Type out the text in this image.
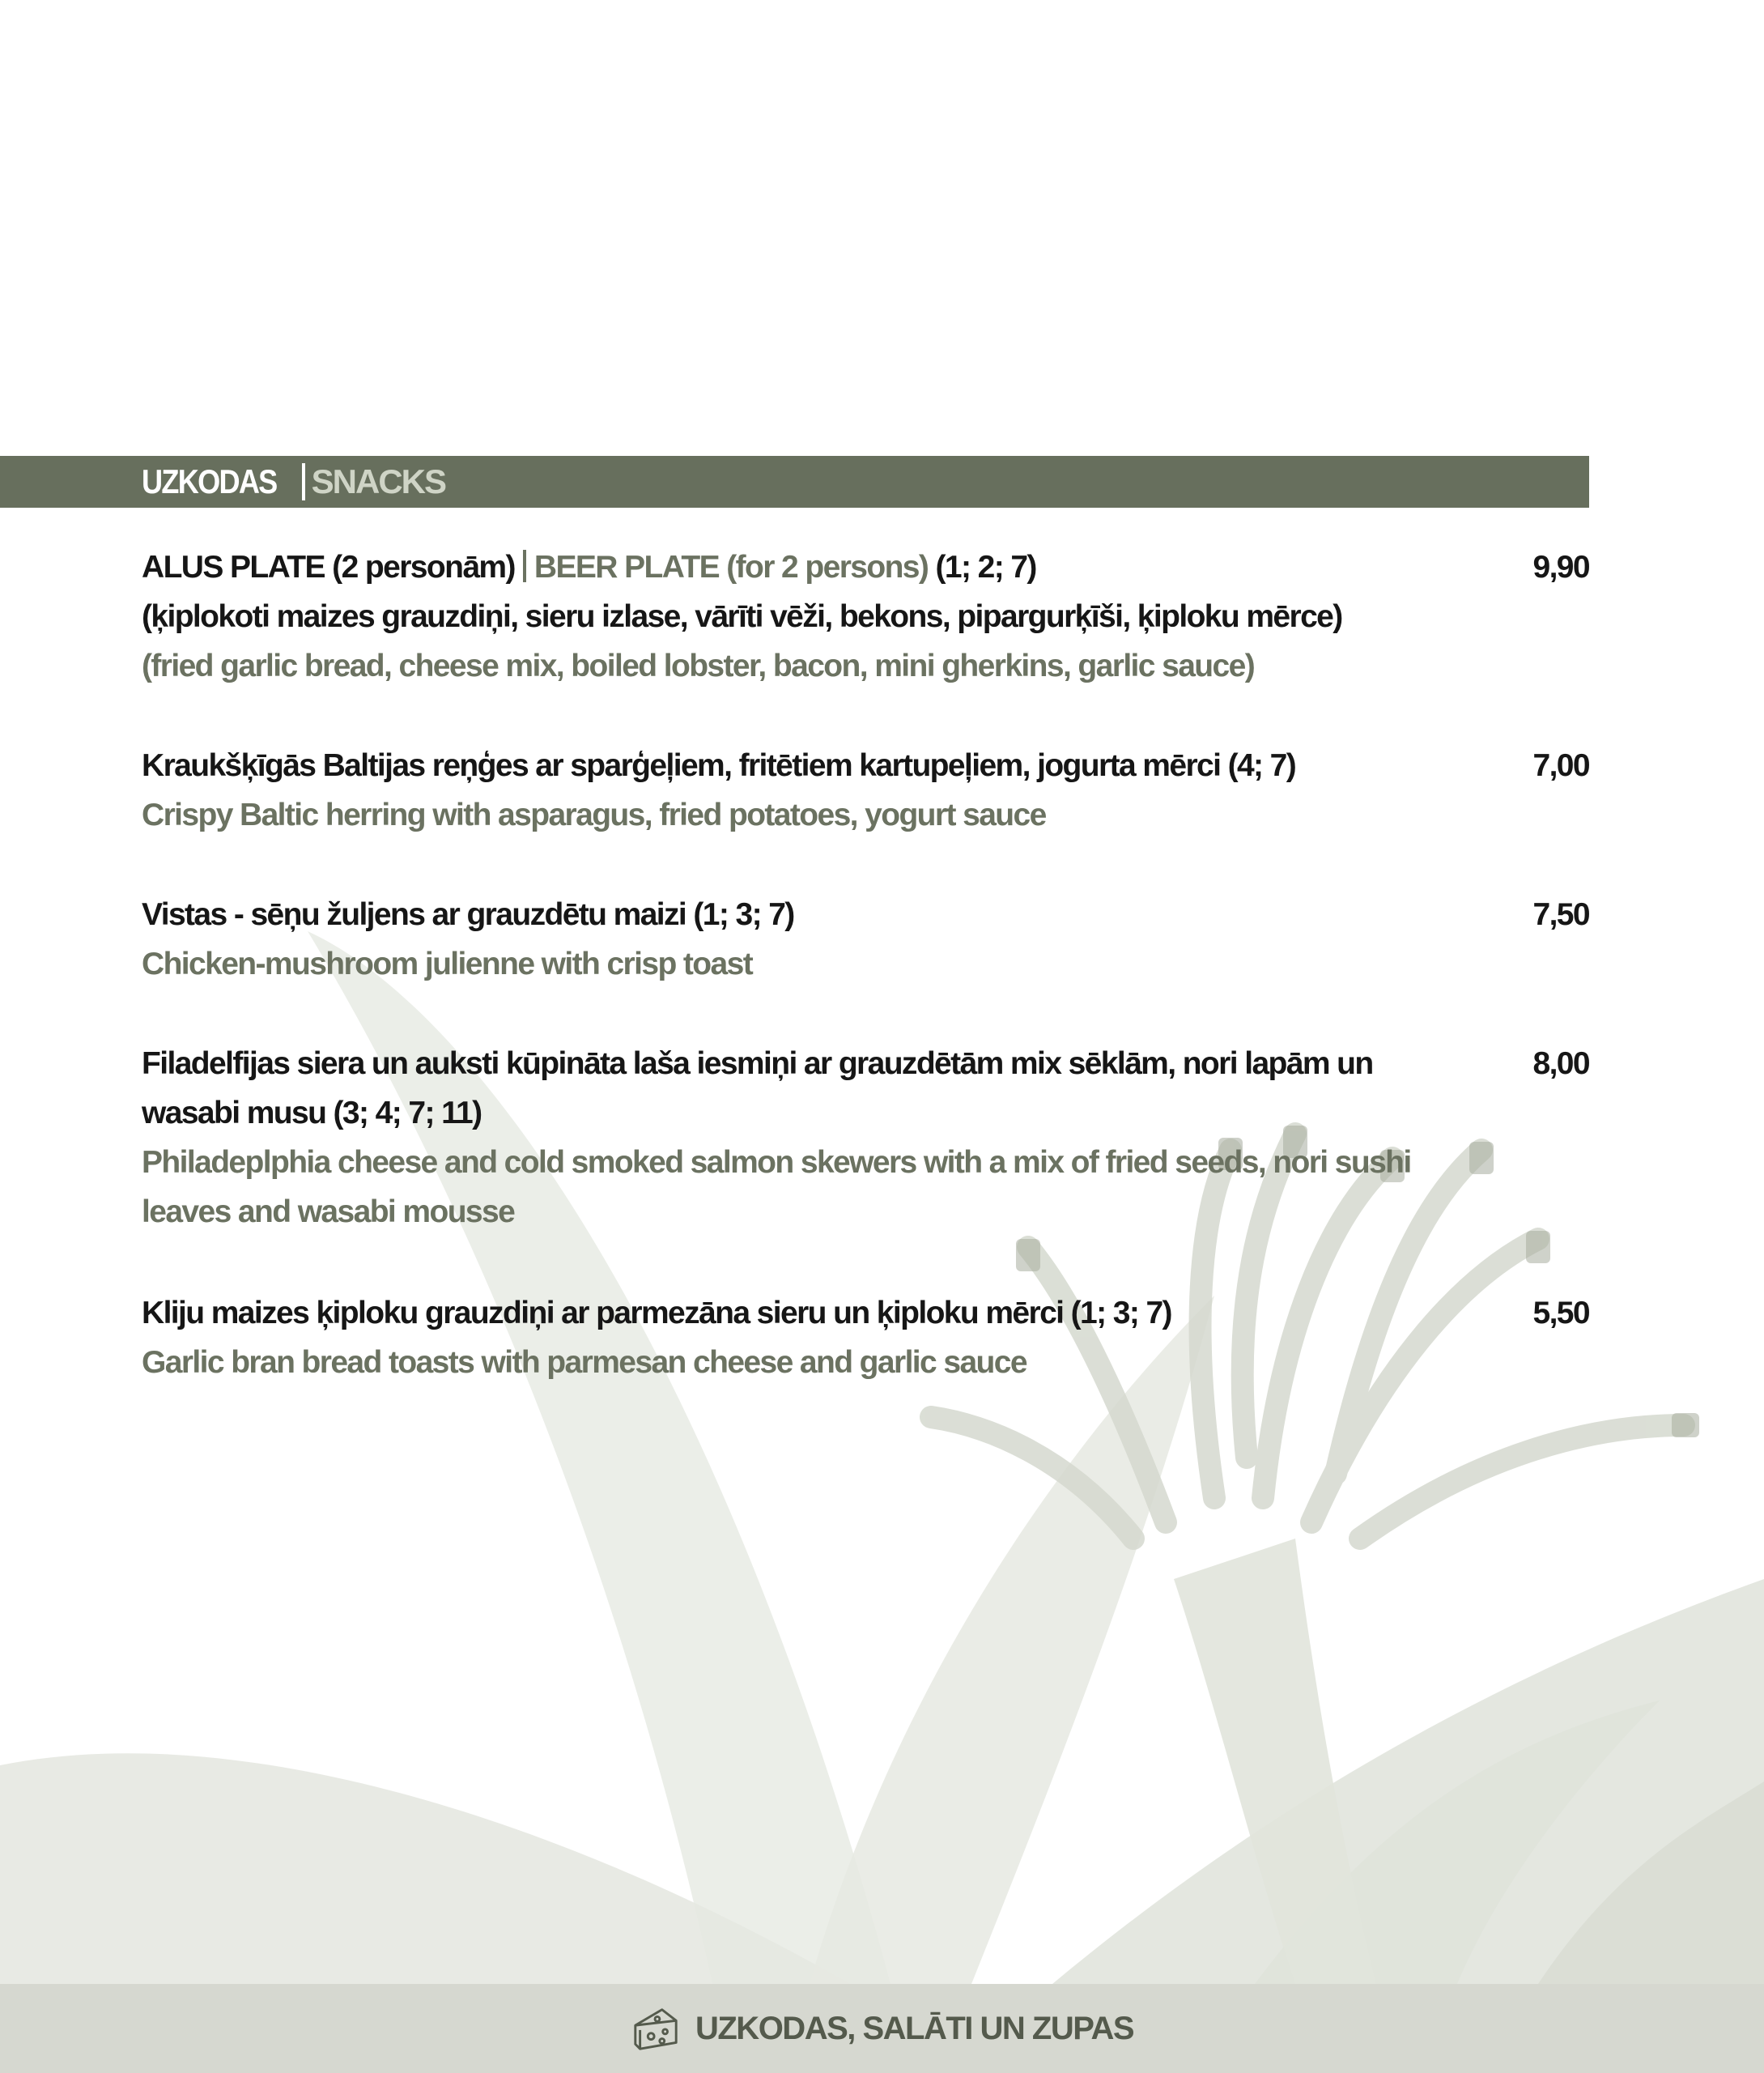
UZKODAS SNACKS
ALUS PLATE (2 personām) BEER PLATE (for 2 persons) (1; 2; 7)
(ķiplokoti maizes grauzdiņi, sieru izlase, vārīti vēži, bekons, pipargurķīši, ķiploku mērce)
(fried garlic bread, cheese mix, boiled lobster, bacon, mini gherkins, garlic sauce)
9,90
Kraukšķīgās Baltijas reņģes ar sparģeļiem, fritētiem kartupeļiem, jogurta mērci (4; 7)
Crispy Baltic herring with asparagus, fried potatoes, yogurt sauce
7,00
Vistas - sēņu žuljens ar grauzdētu maizi (1; 3; 7)
Chicken-mushroom julienne with crisp toast
7,50
Filadelfijas siera un auksti kūpināta laša iesmiņi ar grauzdētām mix sēklām, nori lapām un
wasabi musu (3; 4; 7; 11)
Philadeplphia cheese and cold smoked salmon skewers with a mix of fried seeds, nori sushi
leaves and wasabi mousse
8,00
Kliju maizes ķiploku grauzdiņi ar parmezāna sieru un ķiploku mērci (1; 3; 7)
Garlic bran bread toasts with parmesan cheese and garlic sauce
5,50
UZKODAS, SALĀTI UN ZUPAS
